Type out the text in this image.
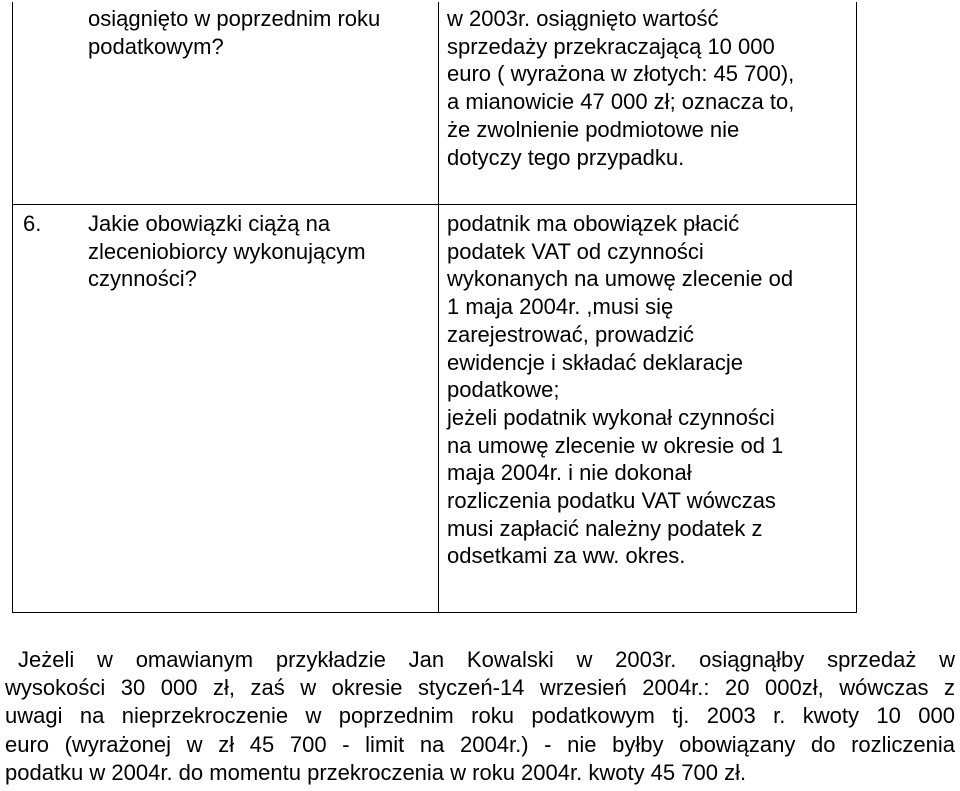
osiągnięto w poprzednim roku
podatkowym?
w 2003r. osiągnięto wartość
sprzedaży przekraczającą 10 000
euro ( wyrażona w złotych: 45 700),
a mianowicie 47 000 zł; oznacza to,
że zwolnienie podmiotowe nie
dotyczy tego przypadku.
6. Jakie obowiązki ciążą na
zleceniobiorcy wykonującym
czynności?
podatnik ma obowiązek płacić
podatek VAT od czynności
wykonanych na umowę zlecenie od
1 maja 2004r. ,musi się
zarejestrować, prowadzić
ewidencje i składać deklaracje
podatkowe;
jeżeli podatnik wykonał czynności
na umowę zlecenie w okresie od 1
maja 2004r. i nie dokonał
rozliczenia podatku VAT wówczas
musi zapłacić należny podatek z
odsetkami za ww. okres.
Jeżeli w omawianym przykładzie Jan Kowalski w 2003r. osiągnąłby sprzedaż w
wysokości 30 000 zł, zaś w okresie styczeń-14 wrzesień 2004r.: 20 000zł, wówczas z
uwagi na nieprzekroczenie w poprzednim roku podatkowym tj. 2003 r. kwoty 10 000
euro (wyrażonej w zł 45 700 - limit na 2004r.) - nie byłby obowiązany do rozliczenia
podatku w 2004r. do momentu przekroczenia w roku 2004r. kwoty 45 700 zł.
